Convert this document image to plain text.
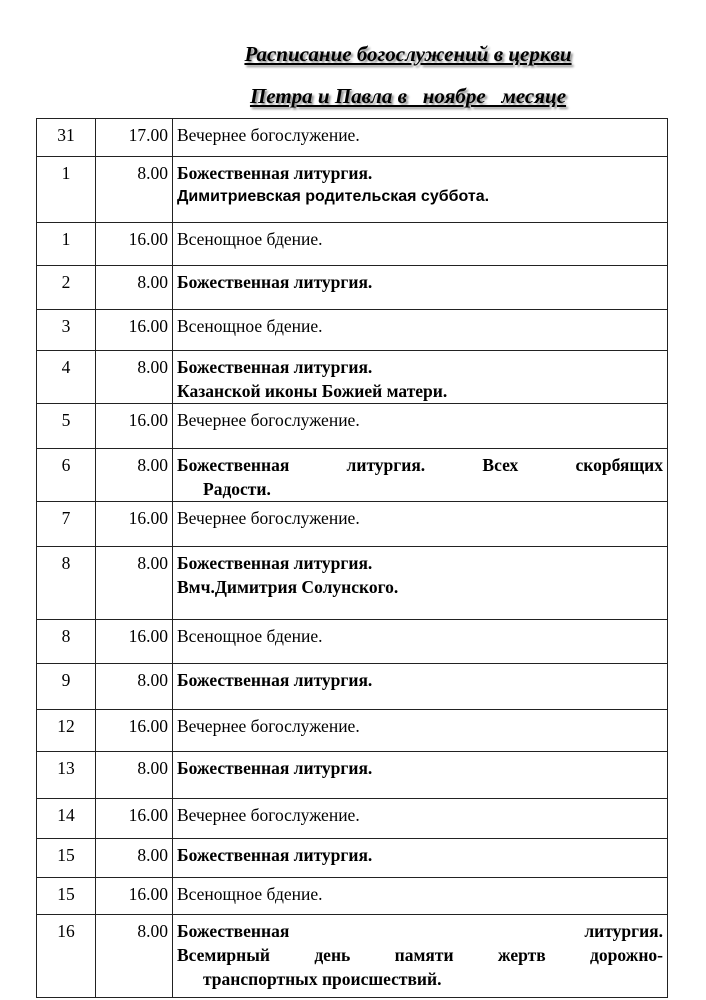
Расписание богослужений в церкви
Петра и Павла в   ноябре   месяце
31	17.00	Вечернее богослужение.

1	8.00	Божественная литургия.
Димитриевская родительская суббота.

1	16.00	Всенощное бдение.

2	8.00	Божественная литургия.

3	16.00	Всенощное бдение.

4	8.00	Божественная литургия.
Казанской иконы Божией матери.

5	16.00	Вечернее богослужение.

6	8.00	Божественная литургия. Всех скорбящих
Радости.

7	16.00	Вечернее богослужение.

8	8.00	Божественная литургия.
Вмч.Димитрия Солунского.

8	16.00	Всенощное бдение.

9	8.00	Божественная литургия.

12	16.00	Вечернее богослужение.

13	8.00	Божественная литургия.

14	16.00	Вечернее богослужение.

15	8.00	Божественная литургия.

15	16.00	Всенощное бдение.

16	8.00	Божественная литургия.
Всемирный день памяти жертв дорожно-
транспортных происшествий.
